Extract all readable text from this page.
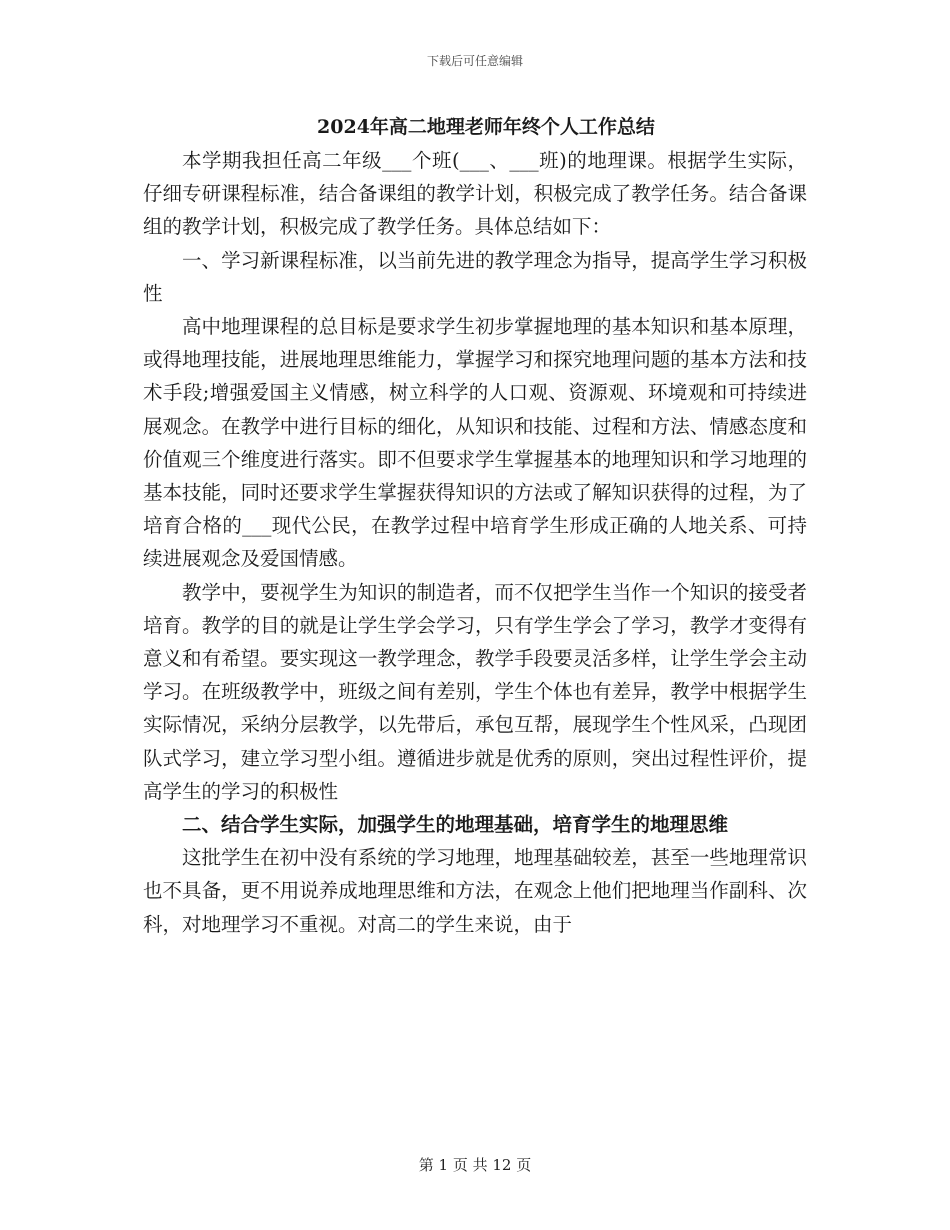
下载后可任意编辑
2024年高二地理老师年终个人工作总结

本学期我担任高二年级___个班(___、___班)的地理课。根据学生实际，仔细专研课程标准，结合备课组的教学计划，积极完成了教学任务。结合备课组的教学计划，积极完成了教学任务。具体总结如下：

一、学习新课程标准，以当前先进的教学理念为指导，提高学生学习积极性

高中地理课程的总目标是要求学生初步掌握地理的基本知识和基本原理，或得地理技能，进展地理思维能力，掌握学习和探究地理问题的基本方法和技术手段;增强爱国主义情感，树立科学的人口观、资源观、环境观和可持续进展观念。在教学中进行目标的细化，从知识和技能、过程和方法、情感态度和价值观三个维度进行落实。即不但要求学生掌握基本的地理知识和学习地理的基本技能，同时还要求学生掌握获得知识的方法或了解知识获得的过程，为了培育合格的___现代公民，在教学过程中培育学生形成正确的人地关系、可持续进展观念及爱国情感。

教学中，要视学生为知识的制造者，而不仅把学生当作一个知识的接受者培育。教学的目的就是让学生学会学习，只有学生学会了学习，教学才变得有意义和有希望。要实现这一教学理念，教学手段要灵活多样，让学生学会主动学习。在班级教学中，班级之间有差别，学生个体也有差异，教学中根据学生实际情况，采纳分层教学，以先带后，承包互帮，展现学生个性风采，凸现团队式学习，建立学习型小组。遵循进步就是优秀的原则，突出过程性评价，提高学生的学习的积极性

二、结合学生实际，加强学生的地理基础，培育学生的地理思维

这批学生在初中没有系统的学习地理，地理基础较差，甚至一些地理常识也不具备，更不用说养成地理思维和方法，在观念上他们把地理当作副科、次科，对地理学习不重视。对高二的学生来说，由于

第 1 页 共 12 页
